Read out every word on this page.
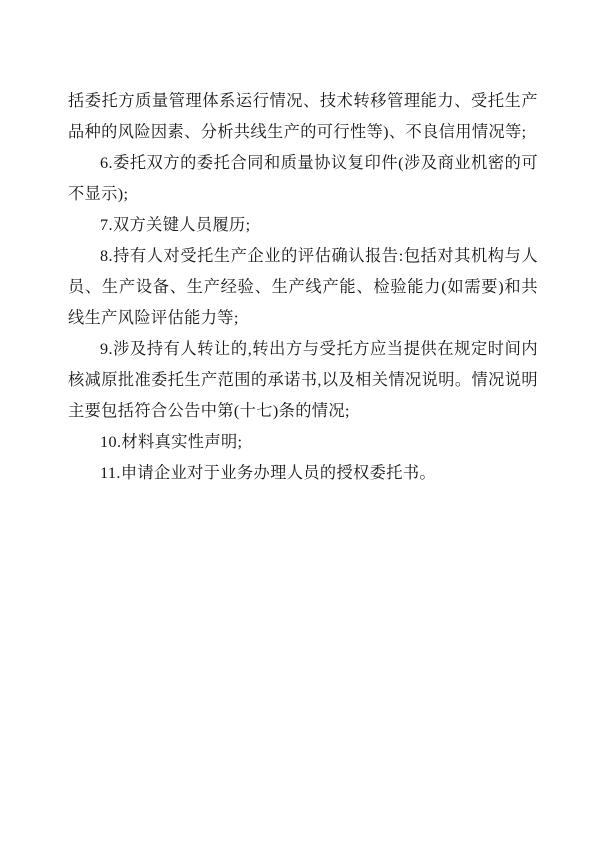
括委托方质量管理体系运行情况、技术转移管理能力、受托生产品种的风险因素、分析共线生产的可行性等)、不良信用情况等;

6.委托双方的委托合同和质量协议复印件(涉及商业机密的可不显示);

7.双方关键人员履历;

8.持有人对受托生产企业的评估确认报告:包括对其机构与人员、生产设备、生产经验、生产线产能、检验能力(如需要)和共线生产风险评估能力等;

9.涉及持有人转让的,转出方与受托方应当提供在规定时间内核减原批准委托生产范围的承诺书,以及相关情况说明。情况说明主要包括符合公告中第(十七)条的情况;

10.材料真实性声明;

11.申请企业对于业务办理人员的授权委托书。
